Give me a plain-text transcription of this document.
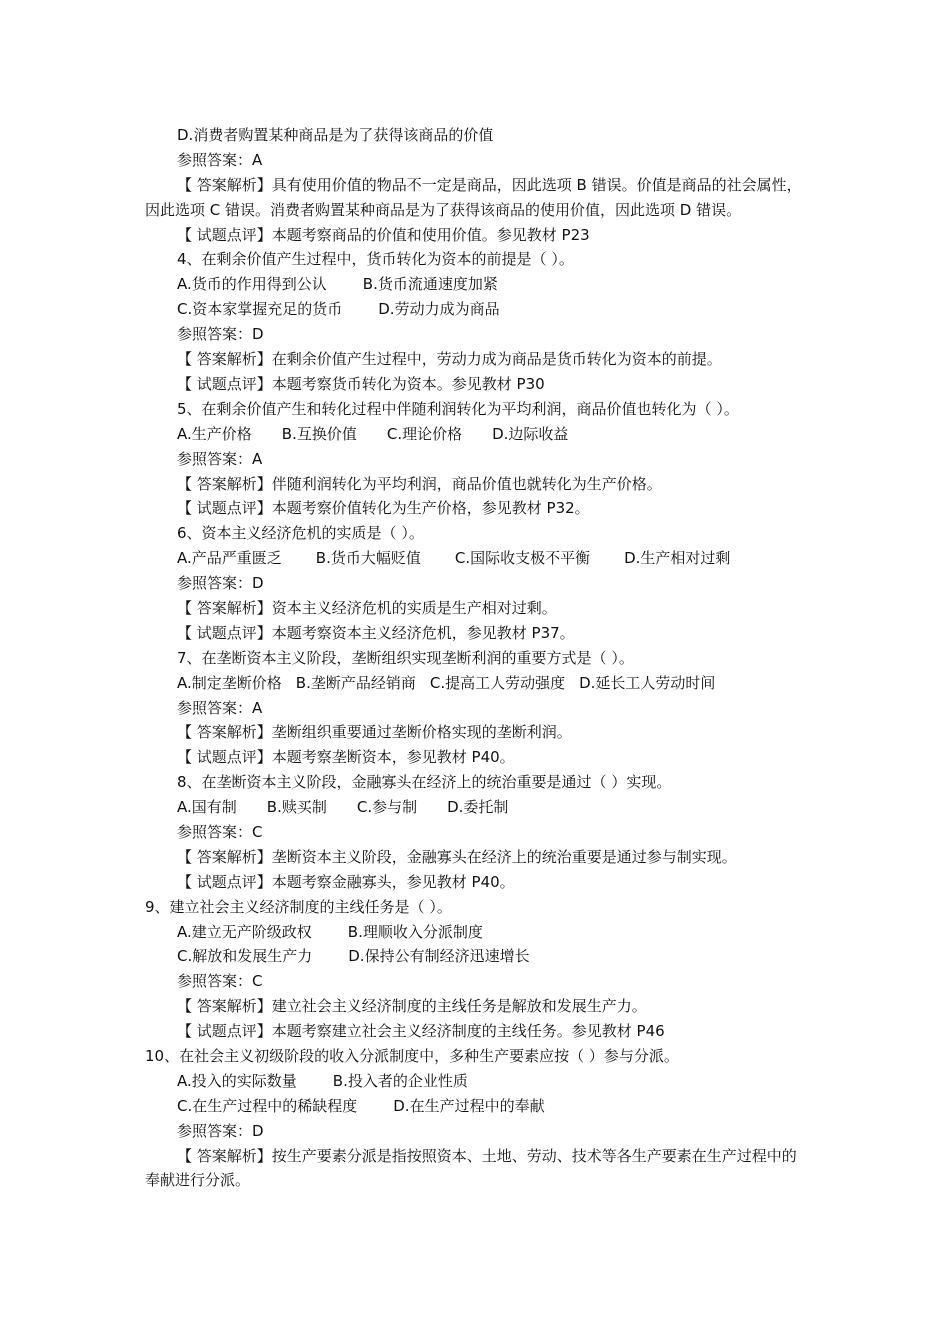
D.消费者购置某种商品是为了获得该商品的价值
参照答案：A
【 答案解析】具有使用价值的物品不一定是商品，因此选项 B 错误。价值是商品的社会属性，因此选项 C 错误。消费者购置某种商品是为了获得该商品的使用价值，因此选项 D 错误。
【 试题点评】本题考察商品的价值和使用价值。参见教材 P23
4、在剩余价值产生过程中，货币转化为资本的前提是（ ）。
A.货币的作用得到公认 B.货币流通速度加紧
C.资本家掌握充足的货币 D.劳动力成为商品
参照答案：D
【 答案解析】在剩余价值产生过程中，劳动力成为商品是货币转化为资本的前提。
【 试题点评】本题考察货币转化为资本。参见教材 P30
5、在剩余价值产生和转化过程中伴随利润转化为平均利润，商品价值也转化为（ ）。
A.生产价格 B.互换价值 C.理论价格 D.边际收益
参照答案：A
【 答案解析】伴随利润转化为平均利润，商品价值也就转化为生产价格。
【 试题点评】本题考察价值转化为生产价格，参见教材 P32。
6、资本主义经济危机的实质是（ ）。
A.产品严重匮乏 B.货币大幅贬值 C.国际收支极不平衡 D.生产相对过剩
参照答案：D
【 答案解析】资本主义经济危机的实质是生产相对过剩。
【 试题点评】本题考察资本主义经济危机，参见教材 P37。
7、在垄断资本主义阶段，垄断组织实现垄断利润的重要方式是（ ）。
A.制定垄断价格 B.垄断产品经销商 C.提高工人劳动强度 D.延长工人劳动时间
参照答案：A
【 答案解析】垄断组织重要通过垄断价格实现的垄断利润。
【 试题点评】本题考察垄断资本，参见教材 P40。
8、在垄断资本主义阶段，金融寡头在经济上的统治重要是通过（ ）实现。
A.国有制 B.赎买制 C.参与制 D.委托制
参照答案：C
【 答案解析】垄断资本主义阶段，金融寡头在经济上的统治重要是通过参与制实现。
【 试题点评】本题考察金融寡头，参见教材 P40。
9、建立社会主义经济制度的主线任务是（ ）。
A.建立无产阶级政权 B.理顺收入分派制度
C.解放和发展生产力 D.保持公有制经济迅速增长
参照答案：C
【 答案解析】建立社会主义经济制度的主线任务是解放和发展生产力。
【 试题点评】本题考察建立社会主义经济制度的主线任务。参见教材 P46
10、在社会主义初级阶段的收入分派制度中，多种生产要素应按（ ）参与分派。
A.投入的实际数量 B.投入者的企业性质
C.在生产过程中的稀缺程度 D.在生产过程中的奉献
参照答案：D
【 答案解析】按生产要素分派是指按照资本、土地、劳动、技术等各生产要素在生产过程中的奉献进行分派。
